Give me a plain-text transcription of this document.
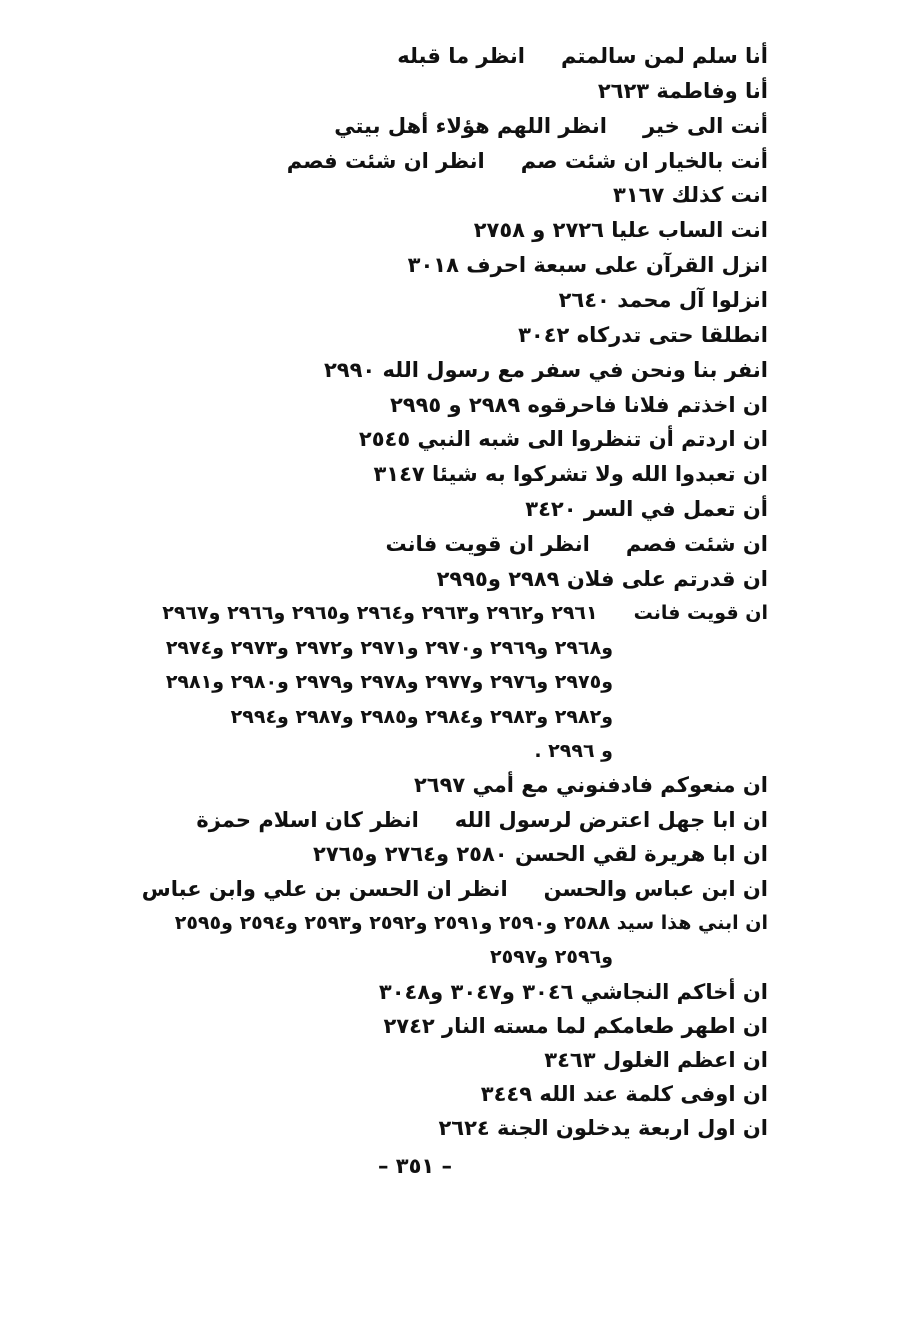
أنا سلم لمن سالمتمانظر ما قبله
أنا وفاطمة ٢٦٢٣
أنت الى خيرانظر اللهم هؤلاء أهل بيتي
أنت بالخيار ان شئت صمانظر ان شئت فصم
انت كذلك ٣١٦٧
انت الساب عليا ٢٧٢٦ و ٢٧٥٨
انزل القرآن على سبعة احرف ٣٠١٨
انزلوا آل محمد ٢٦٤٠
انطلقا حتى تدركاه ٣٠٤٢
انفر بنا ونحن في سفر مع رسول الله ٢٩٩٠
ان اخذتم فلانا فاحرقوه ٢٩٨٩ و ٢٩٩٥
ان اردتم أن تنظروا الى شبه النبي ٢٥٤٥
ان تعبدوا الله ولا تشركوا به شيئا ٣١٤٧
أن تعمل في السر ٣٤٢٠
ان شئت فصمانظر ان قويت فانت
ان قدرتم على فلان ٢٩٨٩ و٢٩٩٥
ان قويت فانت٢٩٦١ و٢٩٦٢ و٢٩٦٣ و٢٩٦٤ و٢٩٦٥ و٢٩٦٦ و٢٩٦٧
و٢٩٦٨ و٢٩٦٩ و٢٩٧٠ و٢٩٧١ و٢٩٧٢ و٢٩٧٣ و٢٩٧٤
و٢٩٧٥ و٢٩٧٦ و٢٩٧٧ و٢٩٧٨ و٢٩٧٩ و٢٩٨٠ و٢٩٨١
و٢٩٨٢ و٢٩٨٣ و٢٩٨٤ و٢٩٨٥ و٢٩٨٧ و٢٩٩٤
و ٢٩٩٦ .
ان منعوكم فادفنوني مع أمي ٢٦٩٧
ان ابا جهل اعترض لرسول اللهانظر كان اسلام حمزة
ان ابا هريرة لقي الحسن ٢٥٨٠ و٢٧٦٤ و٢٧٦٥
ان ابن عباس والحسنانظر ان الحسن بن علي وابن عباس
ان ابني هذا سيد ٢٥٨٨ و٢٥٩٠ و٢٥٩١ و٢٥٩٢ و٢٥٩٣ و٢٥٩٤ و٢٥٩٥
و٢٥٩٦ و٢٥٩٧
ان أخاكم النجاشي ٣٠٤٦ و٣٠٤٧ و٣٠٤٨
ان اطهر طعامكم لما مسته النار ٢٧٤٢
ان اعظم الغلول ٣٤٦٣
ان اوفى كلمة عند الله ٣٤٤٩
ان اول اربعة يدخلون الجنة ٢٦٢٤
– ٣٥١ –
